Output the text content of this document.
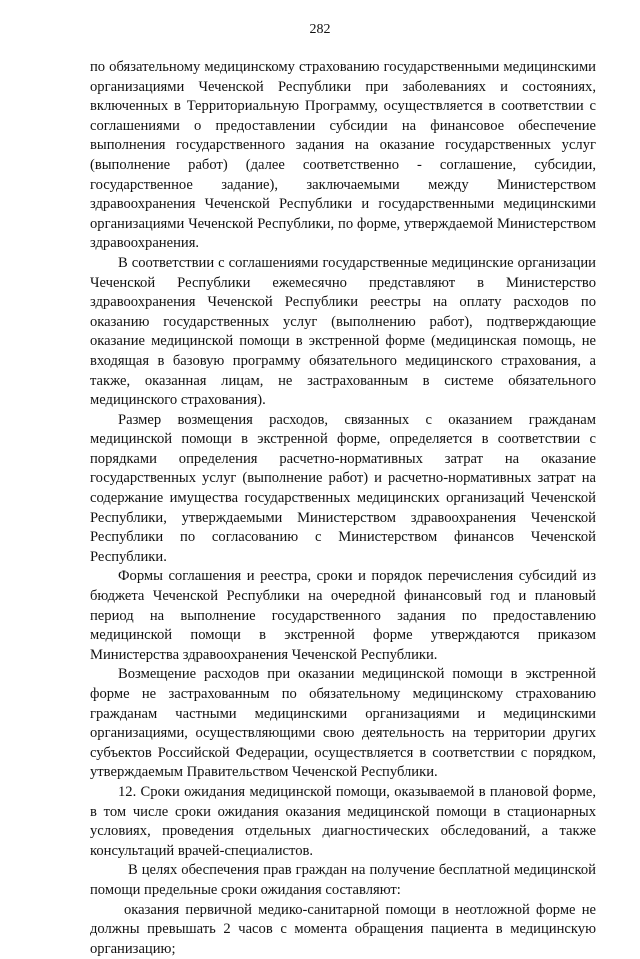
282

по обязательному медицинскому страхованию государственными медицинскими организациями Чеченской Республики при заболеваниях и состояниях, включенных в Территориальную Программу, осуществляется в соответствии с соглашениями о предоставлении субсидии на финансовое обеспечение выполнения государственного задания на оказание государственных услуг (выполнение работ) (далее соответственно - соглашение, субсидии, государственное задание), заключаемыми между Министерством здравоохранения Чеченской Республики и государственными медицинскими организациями Чеченской Республики, по форме, утверждаемой Министерством здравоохранения.

В соответствии с соглашениями государственные медицинские организации Чеченской Республики ежемесячно представляют в Министерство здравоохранения Чеченской Республики реестры на оплату расходов по оказанию государственных услуг (выполнению работ), подтверждающие оказание медицинской помощи в экстренной форме (медицинская помощь, не входящая в базовую программу обязательного медицинского страхования, а также, оказанная лицам, не застрахованным в системе обязательного медицинского страхования).

Размер возмещения расходов, связанных с оказанием гражданам медицинской помощи в экстренной форме, определяется в соответствии с порядками определения расчетно-нормативных затрат на оказание государственных услуг (выполнение работ) и расчетно-нормативных затрат на содержание имущества государственных медицинских организаций Чеченской Республики, утверждаемыми Министерством здравоохранения Чеченской Республики по согласованию с Министерством финансов Чеченской Республики.

Формы соглашения и реестра, сроки и порядок перечисления субсидий из бюджета Чеченской Республики на очередной финансовый год и плановый период на выполнение государственного задания по предоставлению медицинской помощи в экстренной форме утверждаются приказом Министерства здравоохранения Чеченской Республики.

Возмещение расходов при оказании медицинской помощи в экстренной форме не застрахованным по обязательному медицинскому страхованию гражданам частными медицинскими организациями и медицинскими организациями, осуществляющими свою деятельность на территории других субъектов Российской Федерации, осуществляется в соответствии с порядком, утверждаемым Правительством Чеченской Республики.

12. Сроки ожидания медицинской помощи, оказываемой в плановой форме, в том числе сроки ожидания оказания медицинской помощи в стационарных условиях, проведения отдельных диагностических обследований, а также консультаций врачей-специалистов.

В целях обеспечения прав граждан на получение бесплатной медицинской помощи предельные сроки ожидания составляют:

оказания первичной медико-санитарной помощи в неотложной форме не должны превышать 2 часов с момента обращения пациента в медицинскую организацию;
